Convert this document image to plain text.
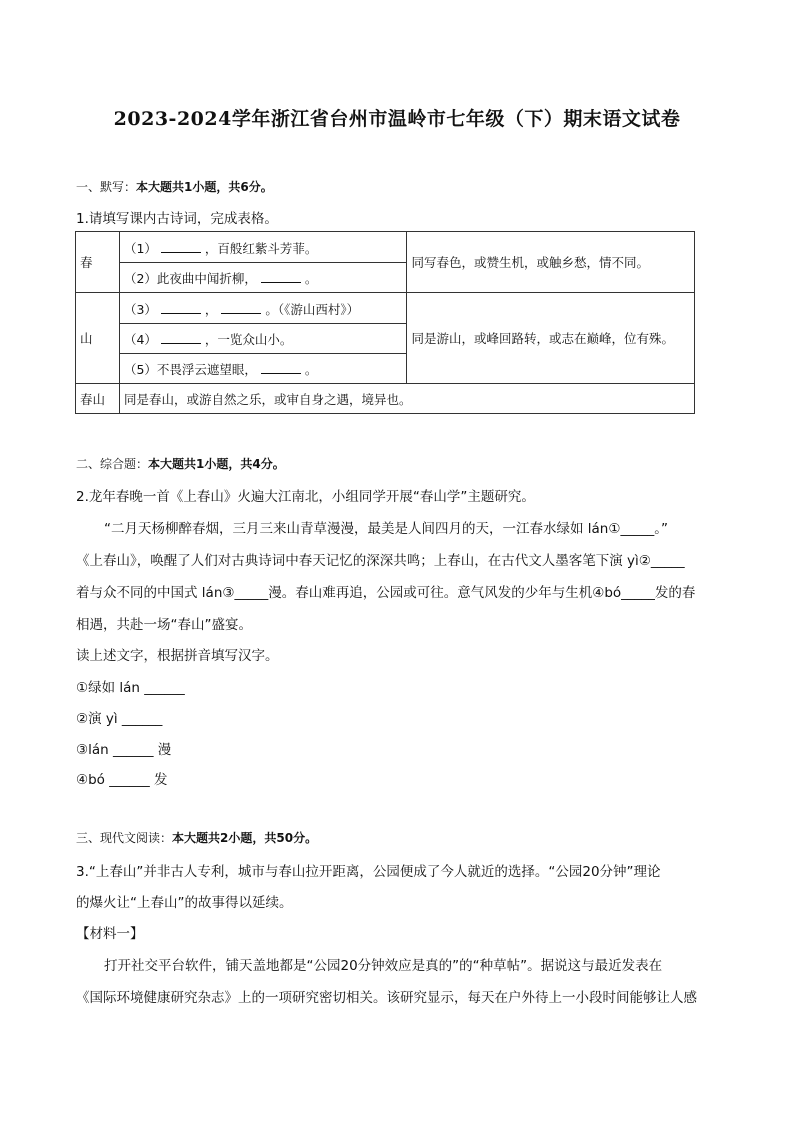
2023-2024学年浙江省台州市温岭市七年级（下）期末语文试卷
一、默写：本大题共1小题，共6分。
1.请填写课内古诗词，完成表格。
春	（1） ，百般红紫斗芳菲。	同写春色，或赞生机，或触乡愁，情不同。
	（2）此夜曲中闻折柳， 。	
山	（3） ， 。（《游山西村》）	同是游山，或峰回路转，或志在巅峰，位有殊。
	（4） ，一览众山小。	
	（5）不畏浮云遮望眼， 。	
春山	同是春山，或游自然之乐，或审自身之遇，境异也。	
二、综合题：本大题共1小题，共4分。
2.龙年春晚一首《上春山》火遍大江南北，小组同学开展“春山学”主题研究。
“二月天杨柳醉春烟，三月三来山青草漫漫，最美是人间四月的天，一江春水绿如 lán①_____。”
《上春山》，唤醒了人们对古典诗词中春天记忆的深深共鸣；上春山，在古代文人墨客笔下演 yì②_____
着与众不同的中国式 lán③_____漫。春山难再追，公园或可往。意气风发的少年与生机④bó_____发的春
相遇，共赴一场“春山”盛宴。
读上述文字，根据拼音填写汉字。
①绿如 lán ______
②演 yì ______
③lán ______ 漫
④bó ______ 发
三、现代文阅读：本大题共2小题，共50分。
3.“上春山”并非古人专利，城市与春山拉开距离，公园便成了今人就近的选择。“公园20分钟”理论
的爆火让“上春山”的故事得以延续。
【材料一】
打开社交平台软件，铺天盖地都是“公园20分钟效应是真的”的“种草帖”。据说这与最近发表在
《国际环境健康研究杂志》上的一项研究密切相关。该研究显示，每天在户外待上一小段时间能够让人感
